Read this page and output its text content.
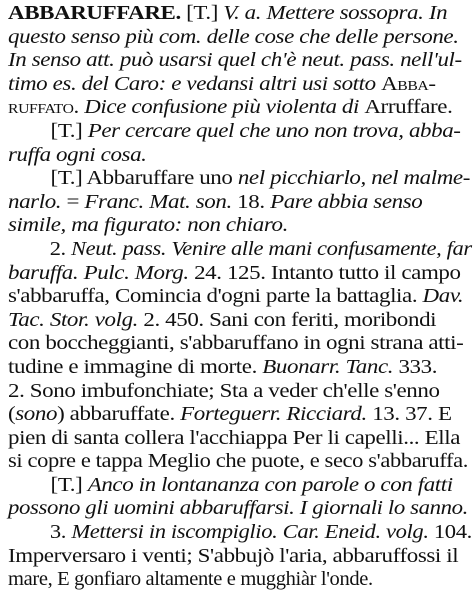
ABBARUFFARE. [T.] V. a. Mettere sossopra. In
questo senso più com. delle cose che delle persone.
In senso att. può usarsi quel ch'è neut. pass. nell'ul-
timo es. del Caro: e vedansi altri usi sotto Abba-
ruffato. Dice confusione più violenta di Arruffare.
[T.] Per cercare quel che uno non trova, abba-
ruffa ogni cosa.
[T.] Abbaruffare uno nel picchiarlo, nel malme-
narlo. = Franc. Mat. son. 18. Pare abbia senso
simile, ma figurato: non chiaro.
2. Neut. pass. Venire alle mani confusamente, far
baruffa. Pulc. Morg. 24. 125. Intanto tutto il campo
s'abbaruffa, Comincia d'ogni parte la battaglia. Dav.
Tac. Stor. volg. 2. 450. Sani con feriti, moribondi
con boccheggianti, s'abbaruffano in ogni strana atti-
tudine e immagine di morte. Buonarr. Tanc. 333.
2. Sono imbufonchiate; Sta a veder ch'elle s'enno
(sono) abbaruffate. Forteguerr. Ricciard. 13. 37. E
pien di santa collera l'acchiappa Per li capelli... Ella
si copre e tappa Meglio che puote, e seco s'abbaruffa.
[T.] Anco in lontananza con parole o con fatti
possono gli uomini abbaruffarsi. I giornali lo sanno.
3. Mettersi in iscompiglio. Car. Eneid. volg. 104.
Imperversaro i venti; S'abbujò l'aria, abbaruffossi il
mare, E gonfiaro altamente e mugghiàr l'onde.
